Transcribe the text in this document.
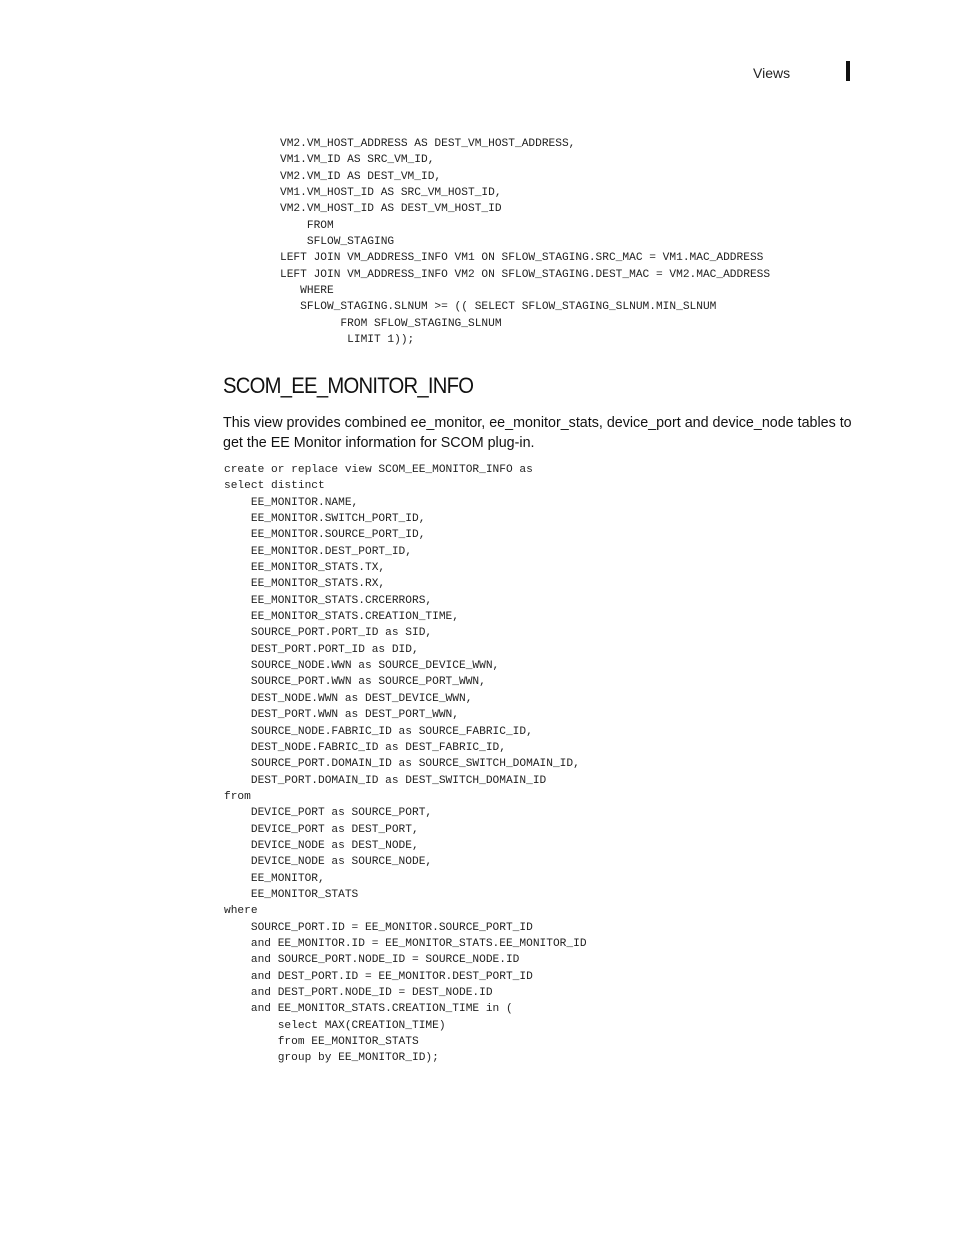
Views
VM2.VM_HOST_ADDRESS AS DEST_VM_HOST_ADDRESS,
VM1.VM_ID AS SRC_VM_ID,
VM2.VM_ID AS DEST_VM_ID,
VM1.VM_HOST_ID AS SRC_VM_HOST_ID,
VM2.VM_HOST_ID AS DEST_VM_HOST_ID
FROM
SFLOW_STAGING
LEFT JOIN VM_ADDRESS_INFO VM1 ON SFLOW_STAGING.SRC_MAC = VM1.MAC_ADDRESS
LEFT JOIN VM_ADDRESS_INFO VM2 ON SFLOW_STAGING.DEST_MAC = VM2.MAC_ADDRESS
WHERE
SFLOW_STAGING.SLNUM >= (( SELECT SFLOW_STAGING_SLNUM.MIN_SLNUM
FROM SFLOW_STAGING_SLNUM
LIMIT 1));
SCOM_EE_MONITOR_INFO

This view provides combined ee_monitor, ee_monitor_stats, device_port and device_node tables to get the EE Monitor information for SCOM plug-in.

create or replace view SCOM_EE_MONITOR_INFO as
select distinct
EE_MONITOR.NAME,
EE_MONITOR.SWITCH_PORT_ID,
EE_MONITOR.SOURCE_PORT_ID,
EE_MONITOR.DEST_PORT_ID,
EE_MONITOR_STATS.TX,
EE_MONITOR_STATS.RX,
EE_MONITOR_STATS.CRCERRORS,
EE_MONITOR_STATS.CREATION_TIME,
SOURCE_PORT.PORT_ID as SID,
DEST_PORT.PORT_ID as DID,
SOURCE_NODE.WWN as SOURCE_DEVICE_WWN,
SOURCE_PORT.WWN as SOURCE_PORT_WWN,
DEST_NODE.WWN as DEST_DEVICE_WWN,
DEST_PORT.WWN as DEST_PORT_WWN,
SOURCE_NODE.FABRIC_ID as SOURCE_FABRIC_ID,
DEST_NODE.FABRIC_ID as DEST_FABRIC_ID,
SOURCE_PORT.DOMAIN_ID as SOURCE_SWITCH_DOMAIN_ID,
DEST_PORT.DOMAIN_ID as DEST_SWITCH_DOMAIN_ID
from
DEVICE_PORT as SOURCE_PORT,
DEVICE_PORT as DEST_PORT,
DEVICE_NODE as DEST_NODE,
DEVICE_NODE as SOURCE_NODE,
EE_MONITOR,
EE_MONITOR_STATS
where
SOURCE_PORT.ID = EE_MONITOR.SOURCE_PORT_ID
and EE_MONITOR.ID = EE_MONITOR_STATS.EE_MONITOR_ID
and SOURCE_PORT.NODE_ID = SOURCE_NODE.ID
and DEST_PORT.ID = EE_MONITOR.DEST_PORT_ID
and DEST_PORT.NODE_ID = DEST_NODE.ID
and EE_MONITOR_STATS.CREATION_TIME in (
select MAX(CREATION_TIME)
from EE_MONITOR_STATS
group by EE_MONITOR_ID);
